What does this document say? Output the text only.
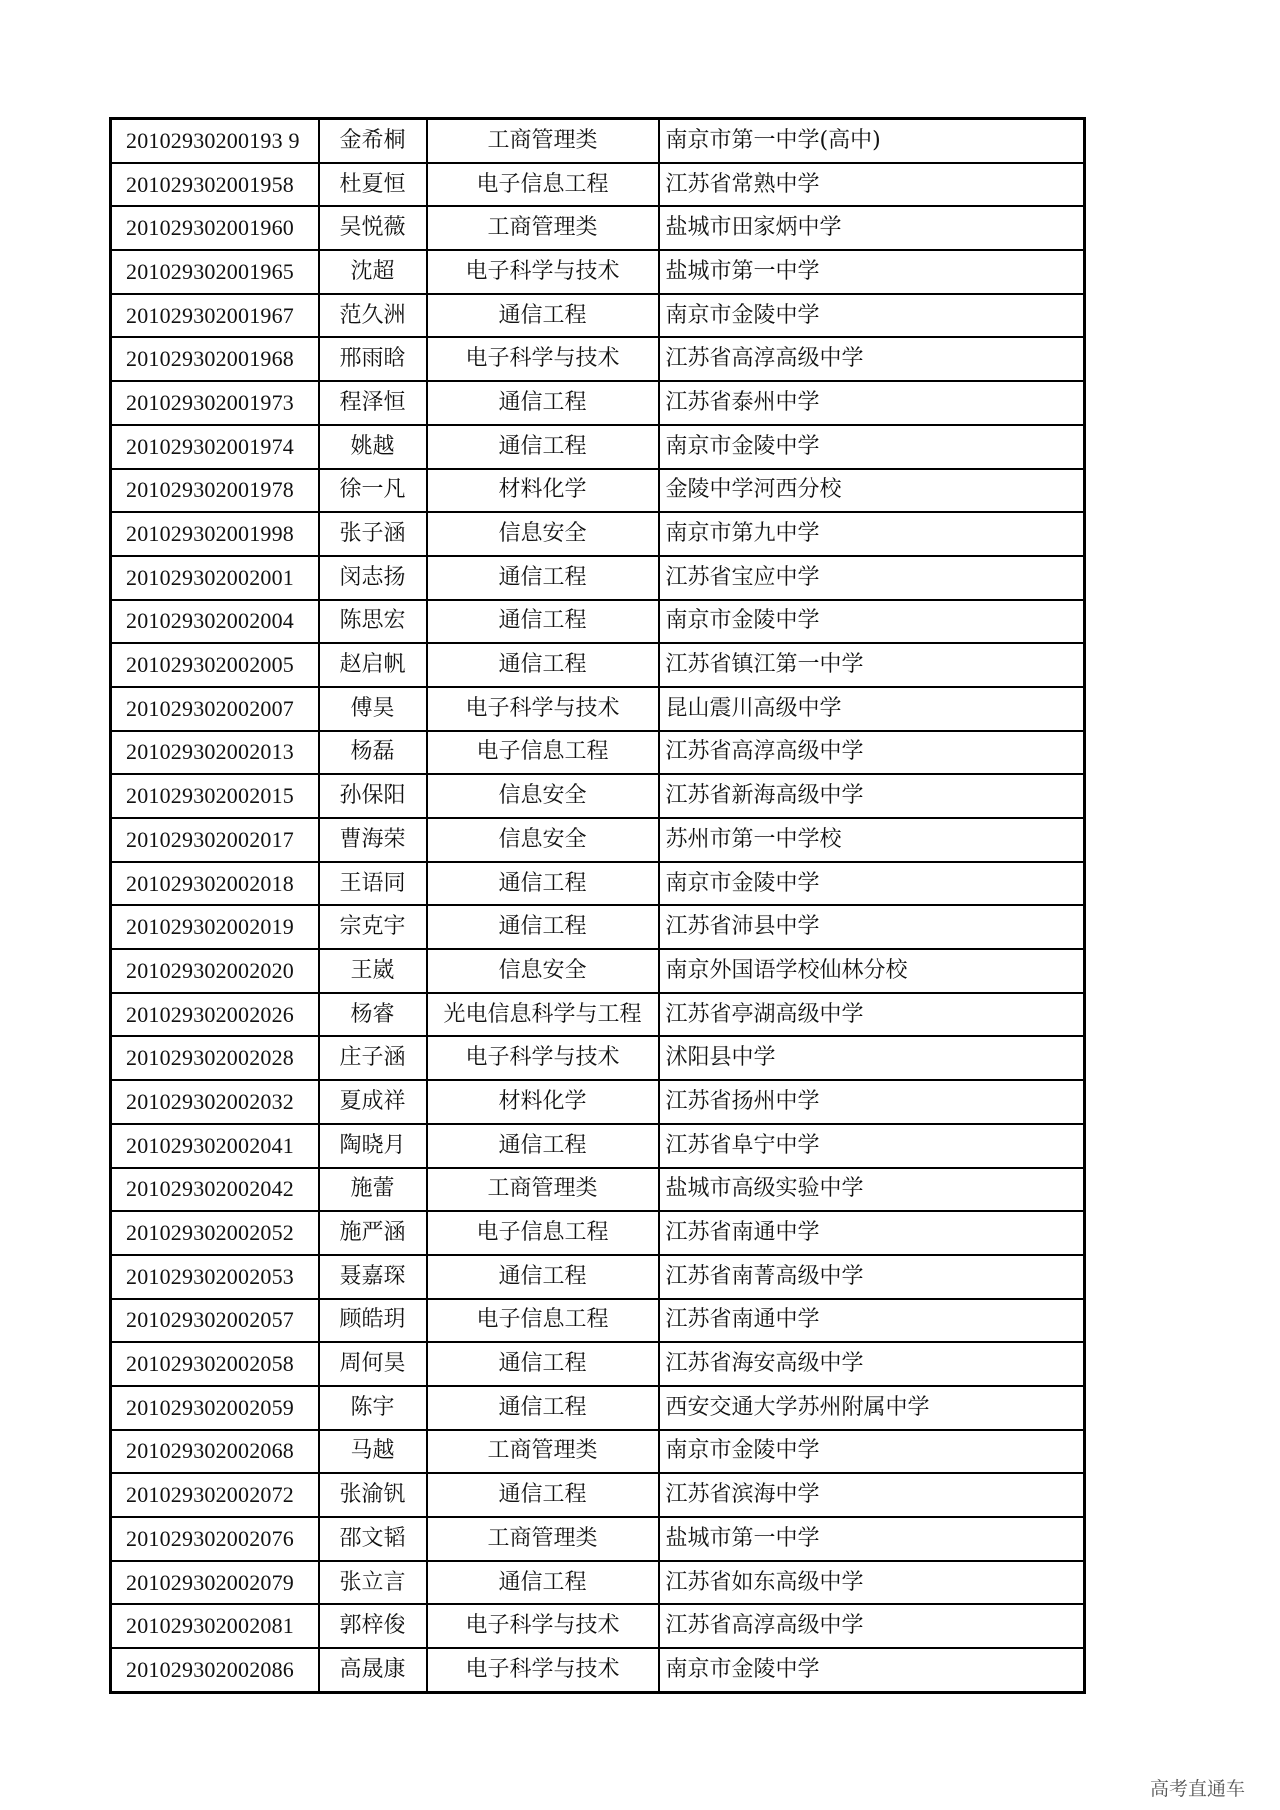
20102930200193 9	金希桐	工商管理类	南京市第一中学(高中)
201029302001958	杜夏恒	电子信息工程	江苏省常熟中学
201029302001960	吴悦薇	工商管理类	盐城市田家炳中学
201029302001965	沈超	电子科学与技术	盐城市第一中学
201029302001967	范久洲	通信工程	南京市金陵中学
201029302001968	邢雨晗	电子科学与技术	江苏省高淳高级中学
201029302001973	程泽恒	通信工程	江苏省泰州中学
201029302001974	姚越	通信工程	南京市金陵中学
201029302001978	徐一凡	材料化学	金陵中学河西分校
201029302001998	张子涵	信息安全	南京市第九中学
201029302002001	闵志扬	通信工程	江苏省宝应中学
201029302002004	陈思宏	通信工程	南京市金陵中学
201029302002005	赵启帆	通信工程	江苏省镇江第一中学
201029302002007	傅昊	电子科学与技术	昆山震川高级中学
201029302002013	杨磊	电子信息工程	江苏省高淳高级中学
201029302002015	孙保阳	信息安全	江苏省新海高级中学
201029302002017	曹海荣	信息安全	苏州市第一中学校
201029302002018	王语同	通信工程	南京市金陵中学
201029302002019	宗克宇	通信工程	江苏省沛县中学
201029302002020	王崴	信息安全	南京外国语学校仙林分校
201029302002026	杨睿	光电信息科学与工程	江苏省亭湖高级中学
201029302002028	庄子涵	电子科学与技术	沭阳县中学
201029302002032	夏成祥	材料化学	江苏省扬州中学
201029302002041	陶晓月	通信工程	江苏省阜宁中学
201029302002042	施蕾	工商管理类	盐城市高级实验中学
201029302002052	施严涵	电子信息工程	江苏省南通中学
201029302002053	聂嘉琛	通信工程	江苏省南菁高级中学
201029302002057	顾皓玥	电子信息工程	江苏省南通中学
201029302002058	周何昊	通信工程	江苏省海安高级中学
201029302002059	陈宇	通信工程	西安交通大学苏州附属中学
201029302002068	马越	工商管理类	南京市金陵中学
201029302002072	张渝钒	通信工程	江苏省滨海中学
201029302002076	邵文韬	工商管理类	盐城市第一中学
201029302002079	张立言	通信工程	江苏省如东高级中学
201029302002081	郭梓俊	电子科学与技术	江苏省高淳高级中学
201029302002086	高晟康	电子科学与技术	南京市金陵中学
高考直通车
